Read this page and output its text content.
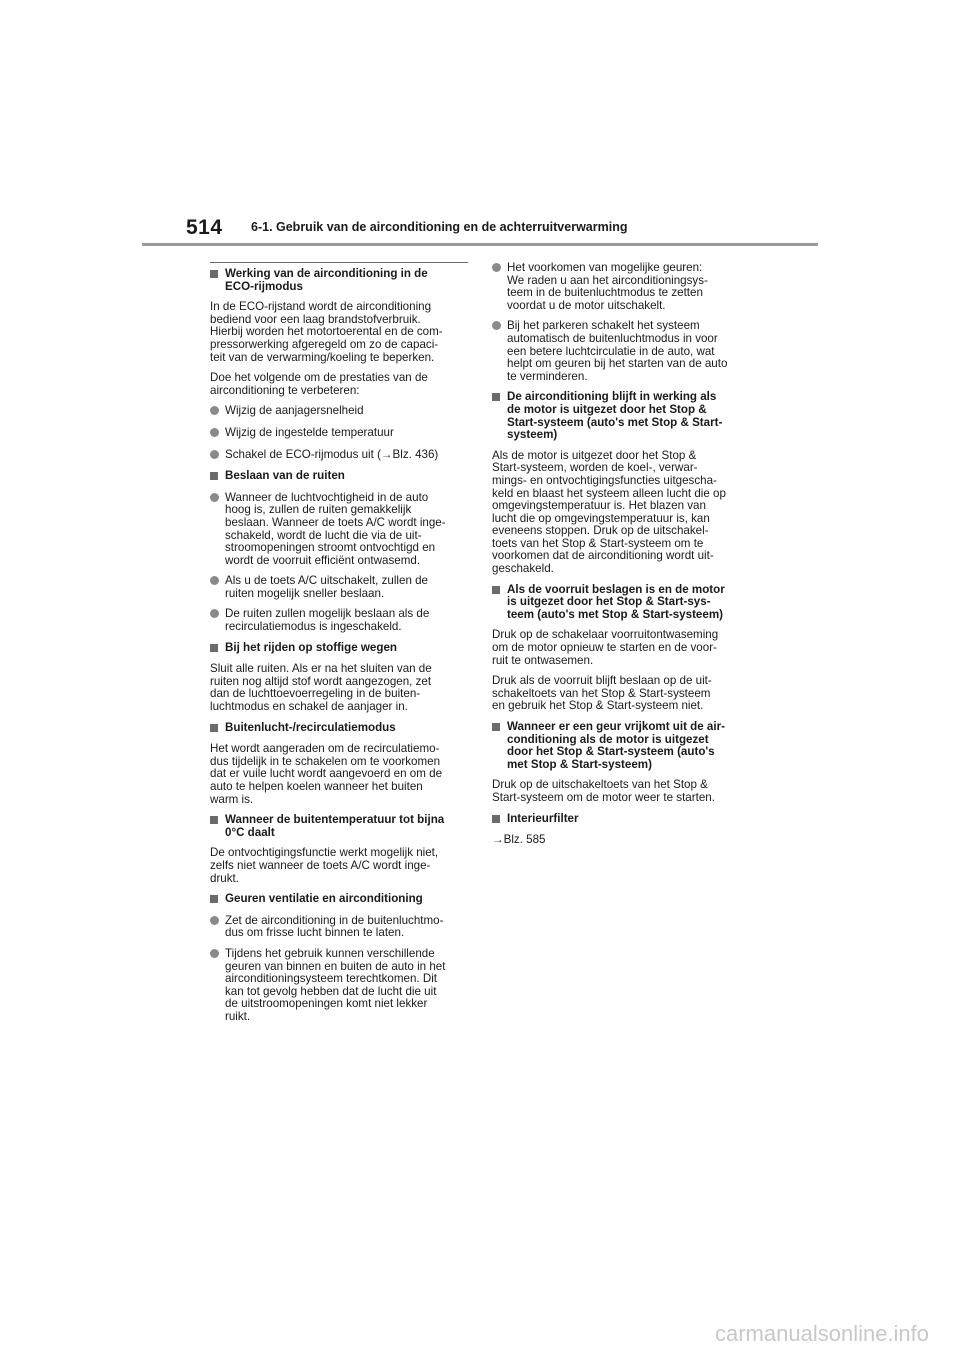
514 6-1. Gebruik van de airconditioning en de achterruitverwarming
Werking van de airconditioning in de
ECO-rijmodus
In de ECO-rijstand wordt de airconditioning
bediend voor een laag brandstofverbruik.
Hierbij worden het motortoerental en de com-
pressorwerking afgeregeld om zo de capaci-
teit van de verwarming/koeling te beperken.
Doe het volgende om de prestaties van de
airconditioning te verbeteren:
Wijzig de aanjagersnelheid
Wijzig de ingestelde temperatuur
Schakel de ECO-rijmodus uit (→Blz. 436)
Beslaan van de ruiten
Wanneer de luchtvochtigheid in de auto
hoog is, zullen de ruiten gemakkelijk
beslaan. Wanneer de toets A/C wordt inge-
schakeld, wordt de lucht die via de uit-
stroomopeningen stroomt ontvochtigd en
wordt de voorruit efficiënt ontwasemd.
Als u de toets A/C uitschakelt, zullen de
ruiten mogelijk sneller beslaan.
De ruiten zullen mogelijk beslaan als de
recirculatiemodus is ingeschakeld.
Bij het rijden op stoffige wegen
Sluit alle ruiten. Als er na het sluiten van de
ruiten nog altijd stof wordt aangezogen, zet
dan de luchttoevoerregeling in de buiten-
luchtmodus en schakel de aanjager in.
Buitenlucht-/recirculatiemodus
Het wordt aangeraden om de recirculatiemo-
dus tijdelijk in te schakelen om te voorkomen
dat er vuile lucht wordt aangevoerd en om de
auto te helpen koelen wanneer het buiten
warm is.
Wanneer de buitentemperatuur tot bijna
0°C daalt
De ontvochtigingsfunctie werkt mogelijk niet,
zelfs niet wanneer de toets A/C wordt inge-
drukt.
Geuren ventilatie en airconditioning
Zet de airconditioning in de buitenluchtmo-
dus om frisse lucht binnen te laten.
Tijdens het gebruik kunnen verschillende
geuren van binnen en buiten de auto in het
airconditioningsysteem terechtkomen. Dit
kan tot gevolg hebben dat de lucht die uit
de uitstroomopeningen komt niet lekker
ruikt.
Het voorkomen van mogelijke geuren:
We raden u aan het airconditioningsys-
teem in de buitenluchtmodus te zetten
voordat u de motor uitschakelt.
Bij het parkeren schakelt het systeem
automatisch de buitenluchtmodus in voor
een betere luchtcirculatie in de auto, wat
helpt om geuren bij het starten van de auto
te verminderen.
De airconditioning blijft in werking als
de motor is uitgezet door het Stop &
Start-systeem (auto's met Stop & Start-
systeem)
Als de motor is uitgezet door het Stop &
Start-systeem, worden de koel-, verwar-
mings- en ontvochtigingsfuncties uitgescha-
keld en blaast het systeem alleen lucht die op
omgevingstemperatuur is. Het blazen van
lucht die op omgevingstemperatuur is, kan
eveneens stoppen. Druk op de uitschakel-
toets van het Stop & Start-systeem om te
voorkomen dat de airconditioning wordt uit-
geschakeld.
Als de voorruit beslagen is en de motor
is uitgezet door het Stop & Start-sys-
teem (auto's met Stop & Start-systeem)
Druk op de schakelaar voorruitontwaseming
om de motor opnieuw te starten en de voor-
ruit te ontwasemen.
Druk als de voorruit blijft beslaan op de uit-
schakeltoets van het Stop & Start-systeem
en gebruik het Stop & Start-systeem niet.
Wanneer er een geur vrijkomt uit de air-
conditioning als de motor is uitgezet
door het Stop & Start-systeem (auto's
met Stop & Start-systeem)
Druk op de uitschakeltoets van het Stop &
Start-systeem om de motor weer te starten.
Interieurfilter
→Blz. 585
carmanualsonline.info
